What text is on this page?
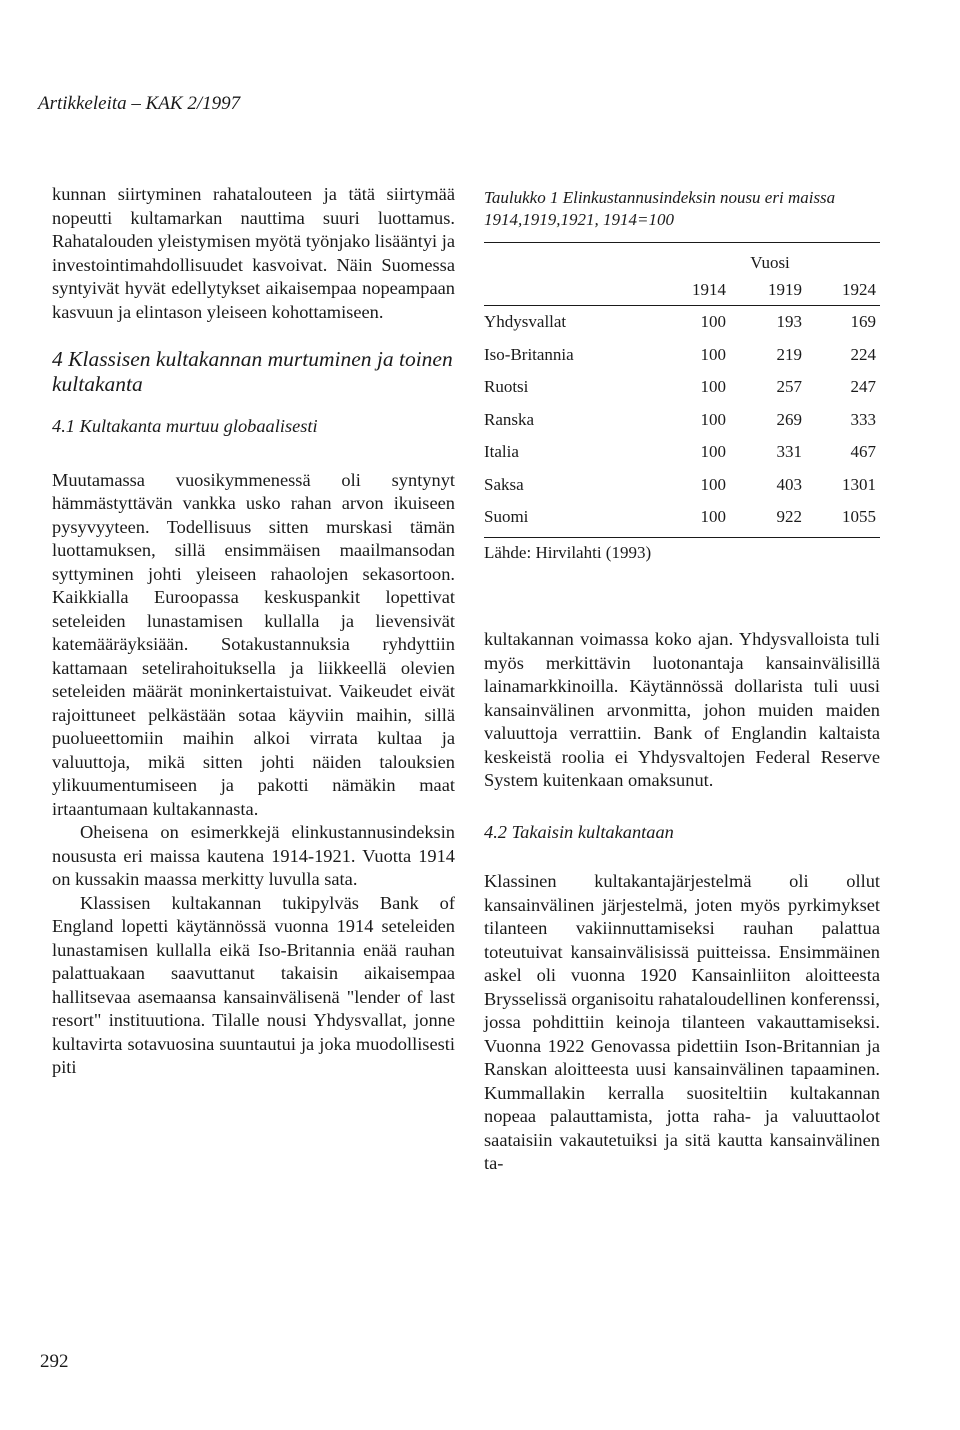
Artikkeleita – KAK 2/1997

kunnan siirtyminen rahatalouteen ja tätä siirtymää nopeutti kultamarkan nauttima suuri luottamus. Rahatalouden yleistymisen myötä työnjako lisääntyi ja investointimahdollisuudet kasvoivat. Näin Suomessa syntyivät hyvät edellytykset aikaisempaa nopeampaan kasvuun ja elintason yleiseen kohottamiseen.

4 Klassisen kultakannan murtuminen ja toinen kultakanta
4.1 Kultakanta murtuu globaalisesti

Muutamassa vuosikymmenessä oli syntynyt hämmästyttävän vankka usko rahan arvon ikuiseen pysyvyyteen. Todellisuus sitten murskasi tämän luottamuksen, sillä ensimmäisen maailmansodan syttyminen johti yleiseen rahaolojen sekasortoon. Kaikkialla Euroopassa keskuspankit lopettivat seteleiden lunastamisen kullalla ja lievensivät katemääräyksiään. Sotakustannuksia ryhdyttiin kattamaan setelirahoituksella ja liikkeellä olevien seteleiden määrät moninkertaistuivat. Vaikeudet eivät rajoittuneet pelkästään sotaa käyviin maihin, sillä puolueettomiin maihin alkoi virrata kultaa ja valuuttoja, mikä sitten johti näiden talouksien ylikuumentumiseen ja pakotti nämäkin maat irtaantumaan kultakannasta.

Oheisena on esimerkkejä elinkustannusindeksin noususta eri maissa kautena 1914-1921. Vuotta 1914 on kussakin maassa merkitty luvulla sata.

Klassisen kultakannan tukipylväs Bank of England lopetti käytännössä vuonna 1914 seteleiden lunastamisen kullalla eikä Iso-Britannia enää rauhan palattuakaan saavuttanut takaisin aikaisempaa hallitsevaa asemaansa kansainvälisenä "lender of last resort" instituutiona. Tilalle nousi Yhdysvallat, jonne kultavirta sotavuosina suuntautui ja joka muodollisesti piti

Taulukko 1 Elinkustannusindeksin nousu eri maissa 1914,1919,1921, 1914=100
Vuosi
1914	1919	1924
Yhdysvallat	100	193	169
Iso-Britannia	100	219	224
Ruotsi	100	257	247
Ranska	100	269	333
Italia	100	331	467
Saksa	100	403	1301
Suomi	100	922	1055
Lähde: Hirvilahti (1993)

kultakannan voimassa koko ajan. Yhdysvalloista tuli myös merkittävin luotonantaja kansainvälisillä lainamarkkinoilla. Käytännössä dollarista tuli uusi kansainvälinen arvonmitta, johon muiden maiden valuuttoja verrattiin. Bank of Englandin kaltaista keskeistä roolia ei Yhdysvaltojen Federal Reserve System kuitenkaan omaksunut.

4.2 Takaisin kultakantaan

Klassinen kultakantajärjestelmä oli ollut kansainvälinen järjestelmä, joten myös pyrkimykset tilanteen vakiinnuttamiseksi rauhan palattua toteutuivat kansainvälisissä puitteissa. Ensimmäinen askel oli vuonna 1920 Kansainliiton aloitteesta Brysselissä organisoitu rahataloudellinen konferenssi, jossa pohdittiin keinoja tilanteen vakauttamiseksi. Vuonna 1922 Genovassa pidettiin Ison-Britannian ja Ranskan aloitteesta uusi kansainvälinen tapaaminen. Kummallakin kerralla suositeltiin kultakannan nopeaa palauttamista, jotta raha- ja valuuttaolot saataisiin vakautetuiksi ja sitä kautta kansainvälinen ta-

292
